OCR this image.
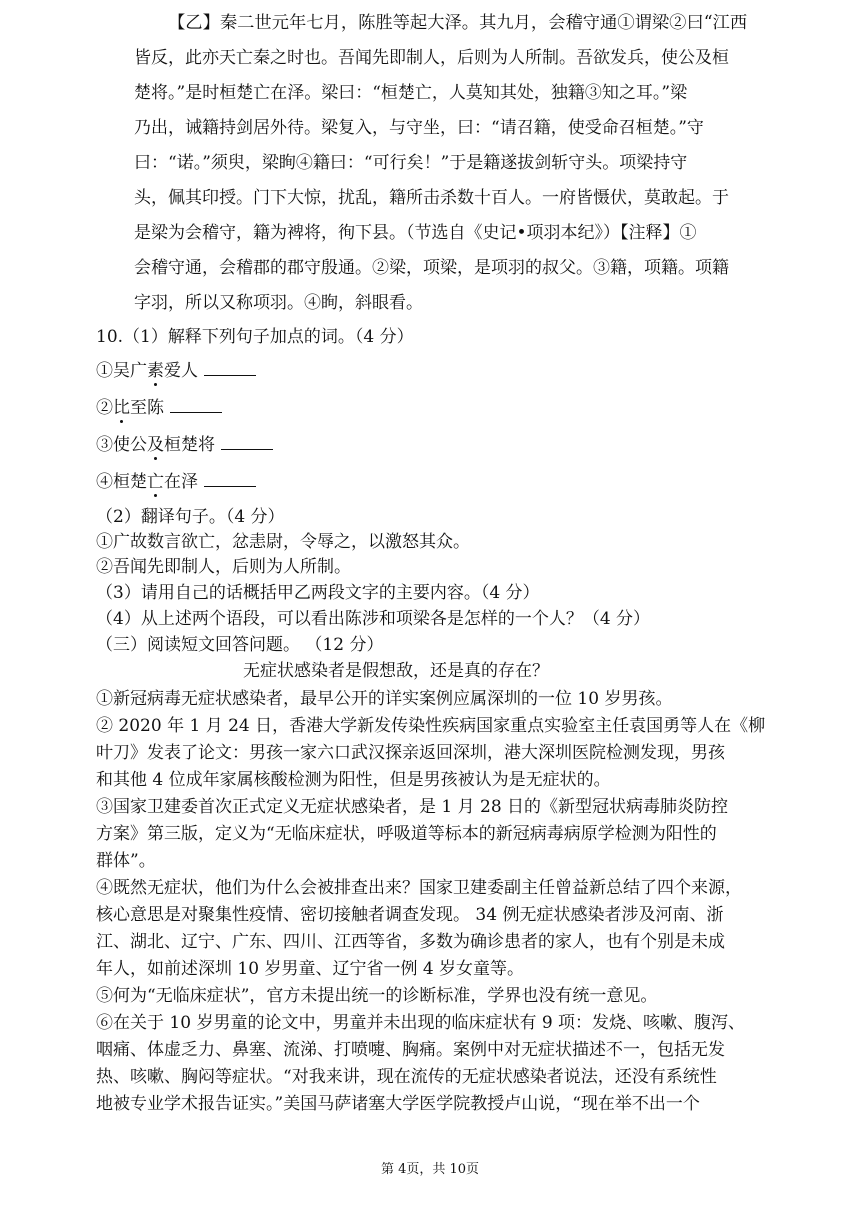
【乙】秦二世元年七月，陈胜等起大泽。其九月，会稽守通①谓梁②曰“江西
皆反，此亦天亡秦之时也。吾闻先即制人，后则为人所制。吾欲发兵，使公及桓
楚将。”是时桓楚亡在泽。梁曰：“桓楚亡，人莫知其处，独籍③知之耳。”梁
乃出，诫籍持剑居外待。梁复入，与守坐，曰：“请召籍，使受命召桓楚。”守
曰：“诺。”须臾，梁眴④籍曰：“可行矣！”于是籍遂拔剑斩守头。项梁持守
头，佩其印授。门下大惊，扰乱，籍所击杀数十百人。一府皆慑伏，莫敢起。于
是梁为会稽守，籍为裨将，徇下县。（节选自《史记•项羽本纪》）【注释】①
会稽守通，会稽郡的郡守殷通。②梁，项梁，是项羽的叔父。③籍，项籍。项籍
字羽，所以又称项羽。④眴，斜眼看。
10.（1）解释下列句子加点的词。（4 分）
①吴广素爱人
②比至陈
③使公及桓楚将
④桓楚亡在泽
（2）翻译句子。（4 分）
①广故数言欲亡，忿恚尉，令辱之，以激怒其众。
②吾闻先即制人，后则为人所制。
（3）请用自己的话概括甲乙两段文字的主要内容。（4 分）
（4）从上述两个语段，可以看出陈涉和项梁各是怎样的一个人？（4 分）
（三）阅读短文回答问题。 （12 分）
无症状感染者是假想敌，还是真的存在？
①新冠病毒无症状感染者，最早公开的详实案例应属深圳的一位 10 岁男孩。
② 2020 年 1 月 24 日，香港大学新发传染性疾病国家重点实验室主任袁国勇等人在《柳
叶刀》发表了论文：男孩一家六口武汉探亲返回深圳，港大深圳医院检测发现，男孩
和其他 4 位成年家属核酸检测为阳性，但是男孩被认为是无症状的。
③国家卫建委首次正式定义无症状感染者，是 1 月 28 日的《新型冠状病毒肺炎防控
方案》第三版，定义为“无临床症状，呼吸道等标本的新冠病毒病原学检测为阳性的
群体”。
④既然无症状，他们为什么会被排查出来？国家卫建委副主任曾益新总结了四个来源，
核心意思是对聚集性疫情、密切接触者调查发现。 34 例无症状感染者涉及河南、浙
江、湖北、辽宁、广东、四川、江西等省，多数为确诊患者的家人，也有个别是未成
年人，如前述深圳 10 岁男童、辽宁省一例 4 岁女童等。
⑤何为“无临床症状”，官方未提出统一的诊断标准，学界也没有统一意见。
⑥在关于 10 岁男童的论文中，男童并未出现的临床症状有 9 项：发烧、咳嗽、腹泻、
咽痛、体虚乏力、鼻塞、流涕、打喷嚏、胸痛。案例中对无症状描述不一，包括无发
热、咳嗽、胸闷等症状。“对我来讲，现在流传的无症状感染者说法，还没有系统性
地被专业学术报告证实。”美国马萨诸塞大学医学院教授卢山说，“现在举不出一个
第 4页，共 10页
